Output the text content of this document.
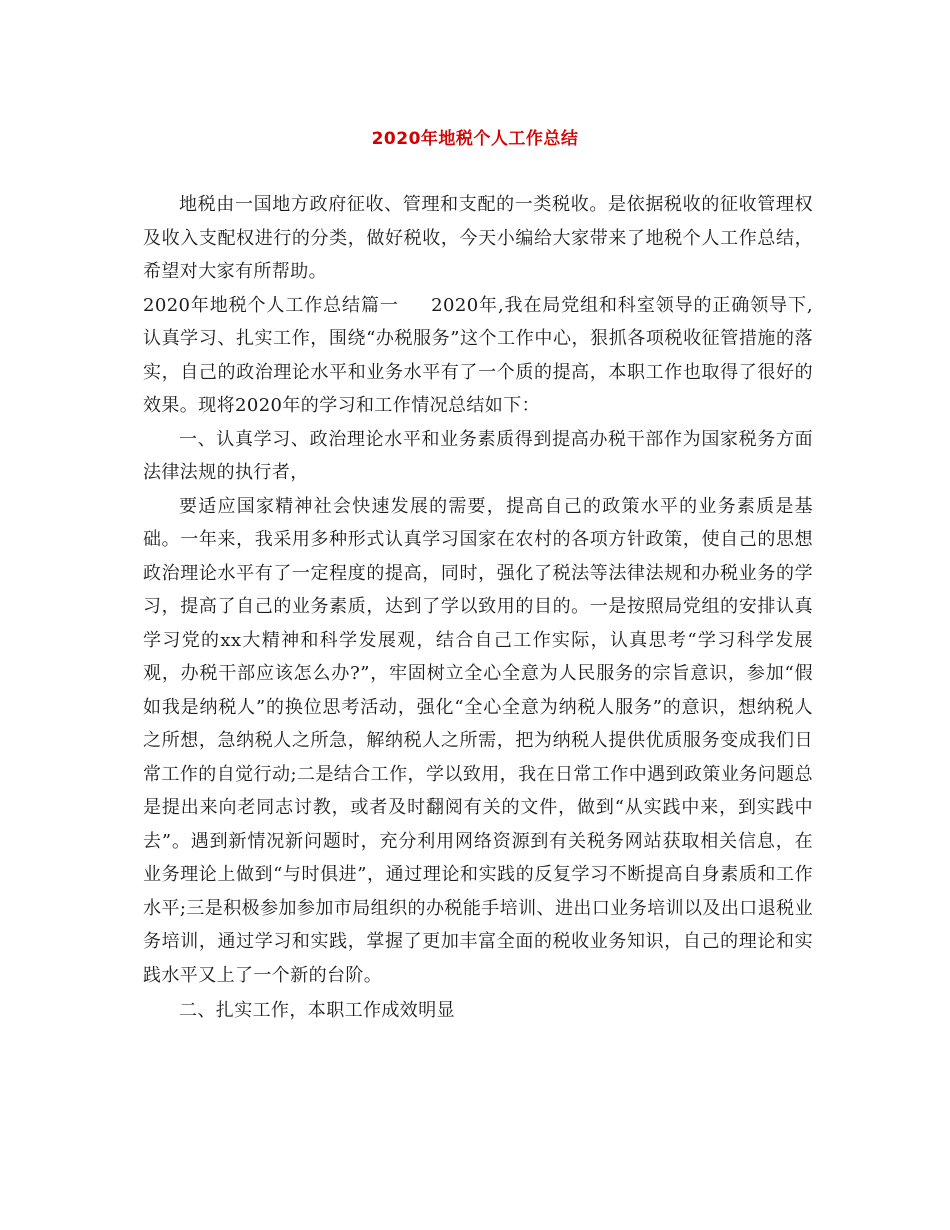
2020年地税个人工作总结

地税由一国地方政府征收、管理和支配的一类税收。是依据税收的征收管理权及收入支配权进行的分类，做好税收，今天小编给大家带来了地税个人工作总结，希望对大家有所帮助。

2020年地税个人工作总结篇一 2020年,我在局党组和科室领导的正确领导下,认真学习、扎实工作，围绕“办税服务”这个工作中心，狠抓各项税收征管措施的落实，自己的政治理论水平和业务水平有了一个质的提高，本职工作也取得了很好的效果。现将2020年的学习和工作情况总结如下：

一、认真学习、政治理论水平和业务素质得到提高办税干部作为国家税务方面法律法规的执行者，

要适应国家精神社会快速发展的需要，提高自己的政策水平的业务素质是基础。一年来，我采用多种形式认真学习国家在农村的各项方针政策，使自己的思想政治理论水平有了一定程度的提高，同时，强化了税法等法律法规和办税业务的学习，提高了自己的业务素质，达到了学以致用的目的。一是按照局党组的安排认真学习党的xx大精神和科学发展观，结合自己工作实际，认真思考“学习科学发展观，办税干部应该怎么办?”，牢固树立全心全意为人民服务的宗旨意识，参加“假如我是纳税人”的换位思考活动，强化“全心全意为纳税人服务”的意识，想纳税人之所想，急纳税人之所急，解纳税人之所需，把为纳税人提供优质服务变成我们日常工作的自觉行动;二是结合工作，学以致用，我在日常工作中遇到政策业务问题总是提出来向老同志讨教，或者及时翻阅有关的文件，做到“从实践中来，到实践中去”。遇到新情况新问题时，充分利用网络资源到有关税务网站获取相关信息，在业务理论上做到“与时俱进”，通过理论和实践的反复学习不断提高自身素质和工作水平;三是积极参加参加市局组织的办税能手培训、进出口业务培训以及出口退税业务培训，通过学习和实践，掌握了更加丰富全面的税收业务知识，自己的理论和实践水平又上了一个新的台阶。

二、扎实工作，本职工作成效明显
